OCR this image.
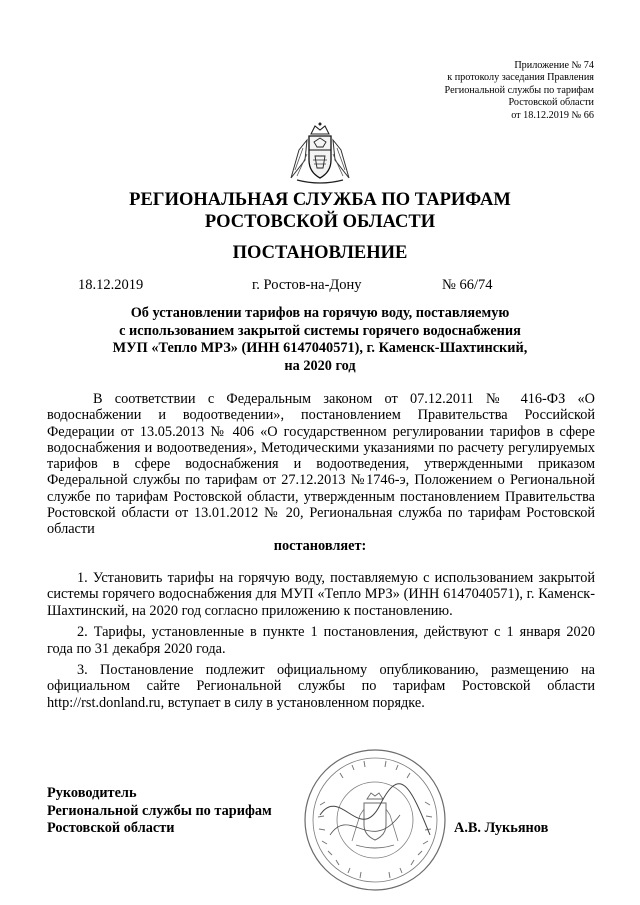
Приложение № 74
к протоколу заседания Правления
Региональной службы по тарифам
Ростовской области
от 18.12.2019 № 66
РЕГИОНАЛЬНАЯ СЛУЖБА ПО ТАРИФАМ
РОСТОВСКОЙ ОБЛАСТИ
ПОСТАНОВЛЕНИЕ
18.12.2019	г. Ростов-на-Дону	№ 66/74
Об установлении тарифов на горячую воду, поставляемую
с использованием закрытой системы горячего водоснабжения
МУП «Тепло МРЗ» (ИНН 6147040571), г. Каменск-Шахтинский,
на 2020 год

В соответствии с Федеральным законом от 07.12.2011 № 416-ФЗ «О водоснабжении и водоотведении», постановлением Правительства Российской Федерации от 13.05.2013 № 406 «О государственном регулировании тарифов в сфере водоснабжения и водоотведения», Методическими указаниями по расчету регулируемых тарифов в сфере водоснабжения и водоотведения, утвержденными приказом Федеральной службы по тарифам от 27.12.2013 №1746-э, Положением о Региональной службе по тарифам Ростовской области, утвержденным постановлением Правительства Ростовской области от 13.01.2012 № 20, Региональная служба по тарифам Ростовской области

постановляет:

1. Установить тарифы на горячую воду, поставляемую с использованием закрытой системы горячего водоснабжения для МУП «Тепло МРЗ» (ИНН 6147040571), г. Каменск-Шахтинский, на 2020 год согласно приложению к постановлению.

2. Тарифы, установленные в пункте 1 постановления, действуют с 1 января 2020 года по 31 декабря 2020 года.

3. Постановление подлежит официальному опубликованию, размещению на официальном сайте Региональной службы по тарифам Ростовской области http://rst.donland.ru, вступает в силу в установленном порядке.

Руководитель
Региональной службы по тарифам
Ростовской области	А.В. Лукьянов
